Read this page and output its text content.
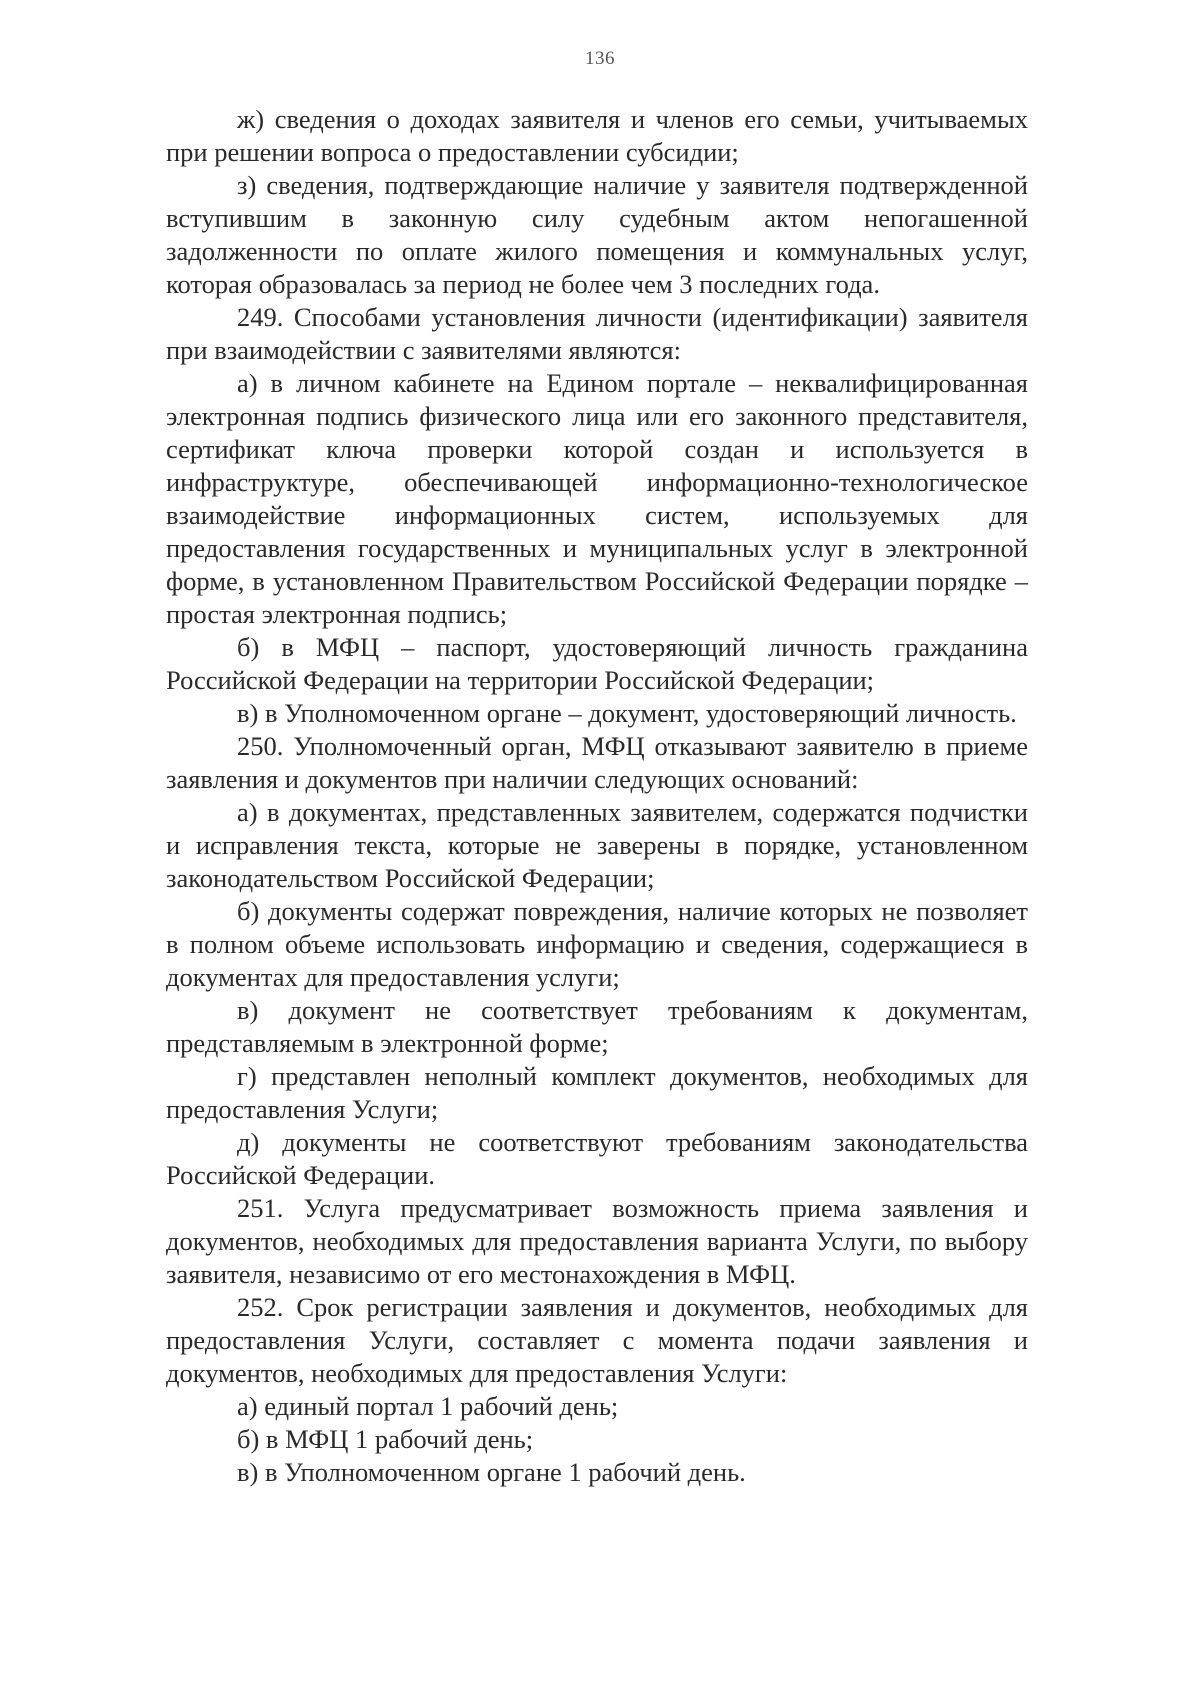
136

ж) сведения о доходах заявителя и членов его семьи, учитываемых при решении вопроса о предоставлении субсидии;

з) сведения, подтверждающие наличие у заявителя подтвержденной вступившим в законную силу судебным актом непогашенной задолженности по оплате жилого помещения и коммунальных услуг, которая образовалась за период не более чем 3 последних года.

249. Способами установления личности (идентификации) заявителя при взаимодействии с заявителями являются:

а) в личном кабинете на Едином портале – неквалифицированная электронная подпись физического лица или его законного представителя, сертификат ключа проверки которой создан и используется в инфраструктуре, обеспечивающей информационно-технологическое взаимодействие информационных систем, используемых для предоставления государственных и муниципальных услуг в электронной форме, в установленном Правительством Российской Федерации порядке – простая электронная подпись;

б) в МФЦ – паспорт, удостоверяющий личность гражданина Российской Федерации на территории Российской Федерации;

в) в Уполномоченном органе – документ, удостоверяющий личность.

250. Уполномоченный орган, МФЦ отказывают заявителю в приеме заявления и документов при наличии следующих оснований:

а) в документах, представленных заявителем, содержатся подчистки и исправления текста, которые не заверены в порядке, установленном законодательством Российской Федерации;

б) документы содержат повреждения, наличие которых не позволяет в полном объеме использовать информацию и сведения, содержащиеся в документах для предоставления услуги;

в) документ не соответствует требованиям к документам, представляемым в электронной форме;

г) представлен неполный комплект документов, необходимых для предоставления Услуги;

д) документы не соответствуют требованиям законодательства Российской Федерации.

251. Услуга предусматривает возможность приема заявления и документов, необходимых для предоставления варианта Услуги, по выбору заявителя, независимо от его местонахождения в МФЦ.

252. Срок регистрации заявления и документов, необходимых для предоставления Услуги, составляет с момента подачи заявления и документов, необходимых для предоставления Услуги:

а) единый портал 1 рабочий день;

б) в МФЦ 1 рабочий день;

в) в Уполномоченном органе 1 рабочий день.
